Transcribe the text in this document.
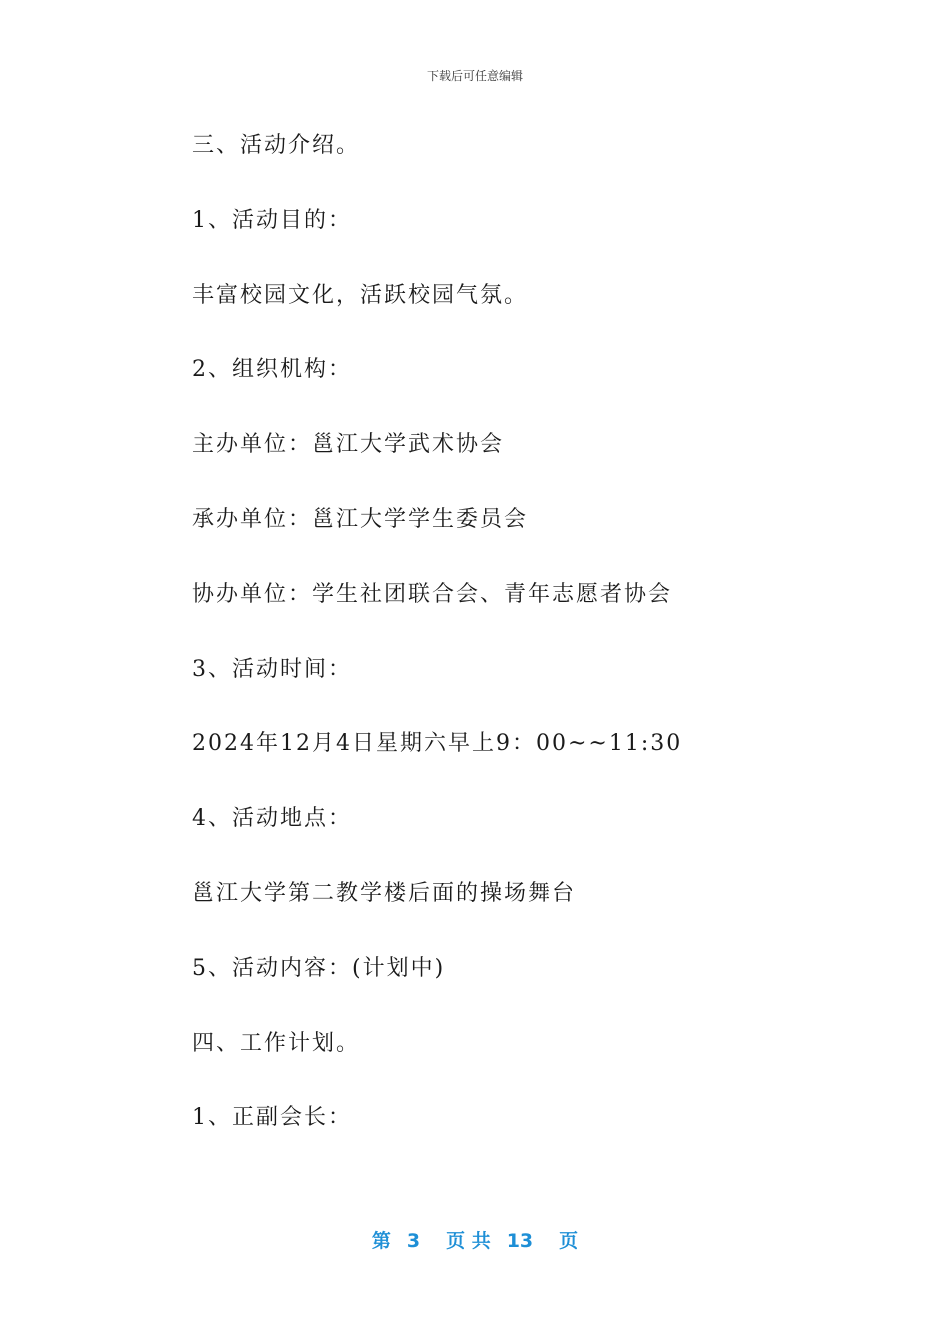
下载后可任意编辑
三、活动介绍。
1、活动目的：
丰富校园文化，活跃校园气氛。
2、组织机构：
主办单位：邕江大学武术协会
承办单位：邕江大学学生委员会
协办单位：学生社团联合会、青年志愿者协会
3、活动时间：
2024年12月4日星期六早上9：00~~11:30
4、活动地点：
邕江大学第二教学楼后面的操场舞台
5、活动内容：(计划中)
四、工作计划。
1、正副会长：
第 3 页 共 13 页
